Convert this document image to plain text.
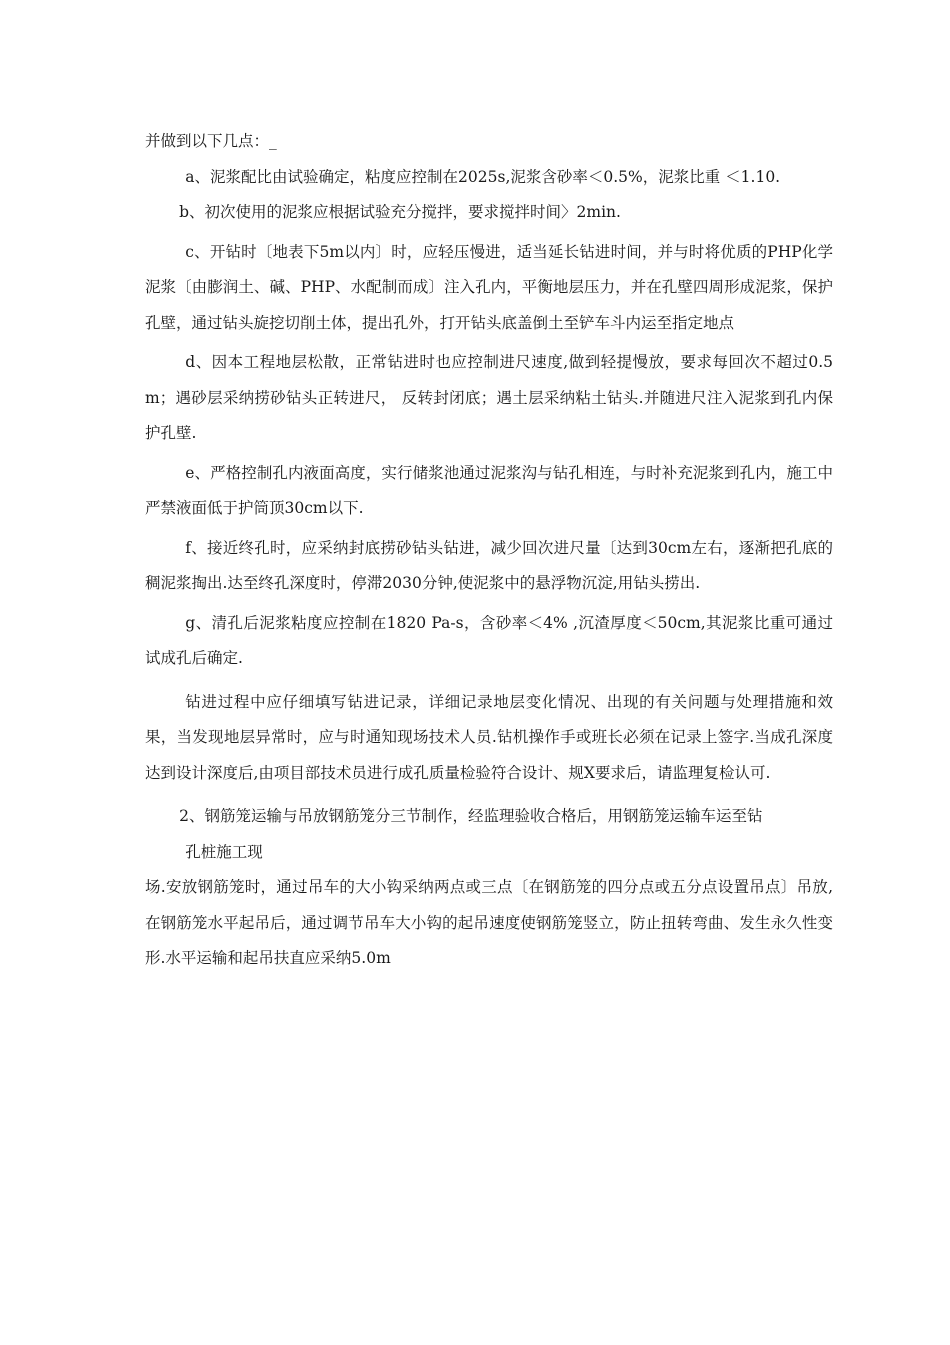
并做到以下几点：_

a、泥浆配比由试验确定，粘度应控制在2025s,泥浆含砂率＜0.5%，泥浆比重 ＜1.10.

b、初次使用的泥浆应根据试验充分搅拌，要求搅拌时间〉2min.

c、开钻时〔地表下5m以内〕时，应轻压慢进，适当延长钻进时间，并与时将优质的PHP化学泥浆〔由膨润土、碱、PHP、水配制而成〕注入孔内，平衡地层压力，并在孔壁四周形成泥浆，保护孔壁，通过钻头旋挖切削土体，提出孔外，打开钻头底盖倒土至铲车斗内运至指定地点

d、因本工程地层松散，正常钻进时也应控制进尺速度,做到轻提慢放，要求每回次不超过0.5m；遇砂层采纳捞砂钻头正转进尺， 反转封闭底；遇土层采纳粘土钻头.并随进尺注入泥浆到孔内保护孔壁.

e、严格控制孔内液面高度，实行储浆池通过泥浆沟与钻孔相连，与时补充泥浆到孔内，施工中严禁液面低于护筒顶30cm以下.

f、接近终孔时，应采纳封底捞砂钻头钻进，减少回次进尺量〔达到30cm左右，逐渐把孔底的稠泥浆掏出.达至终孔深度时，停滞2030分钟,使泥浆中的悬浮物沉淀,用钻头捞出.

g、清孔后泥浆粘度应控制在1820 Pa-s，含砂率＜4% ,沉渣厚度＜50cm,其泥浆比重可通过试成孔后确定.

钻进过程中应仔细填写钻进记录，详细记录地层变化情况、出现的有关问题与处理措施和效果，当发现地层异常时，应与时通知现场技术人员.钻机操作手或班长必须在记录上签字.当成孔深度达到设计深度后,由项目部技术员进行成孔质量检验符合设计、规X要求后，请监理复检认可.

2、钢筋笼运输与吊放钢筋笼分三节制作，经监理验收合格后，用钢筋笼运输车运至钻

孔桩施工现

场.安放钢筋笼时，通过吊车的大小钩采纳两点或三点〔在钢筋笼的四分点或五分点设置吊点〕吊放,在钢筋笼水平起吊后，通过调节吊车大小钩的起吊速度使钢筋笼竖立，防止扭转弯曲、发生永久性变形.水平运输和起吊扶直应采纳5.0m
